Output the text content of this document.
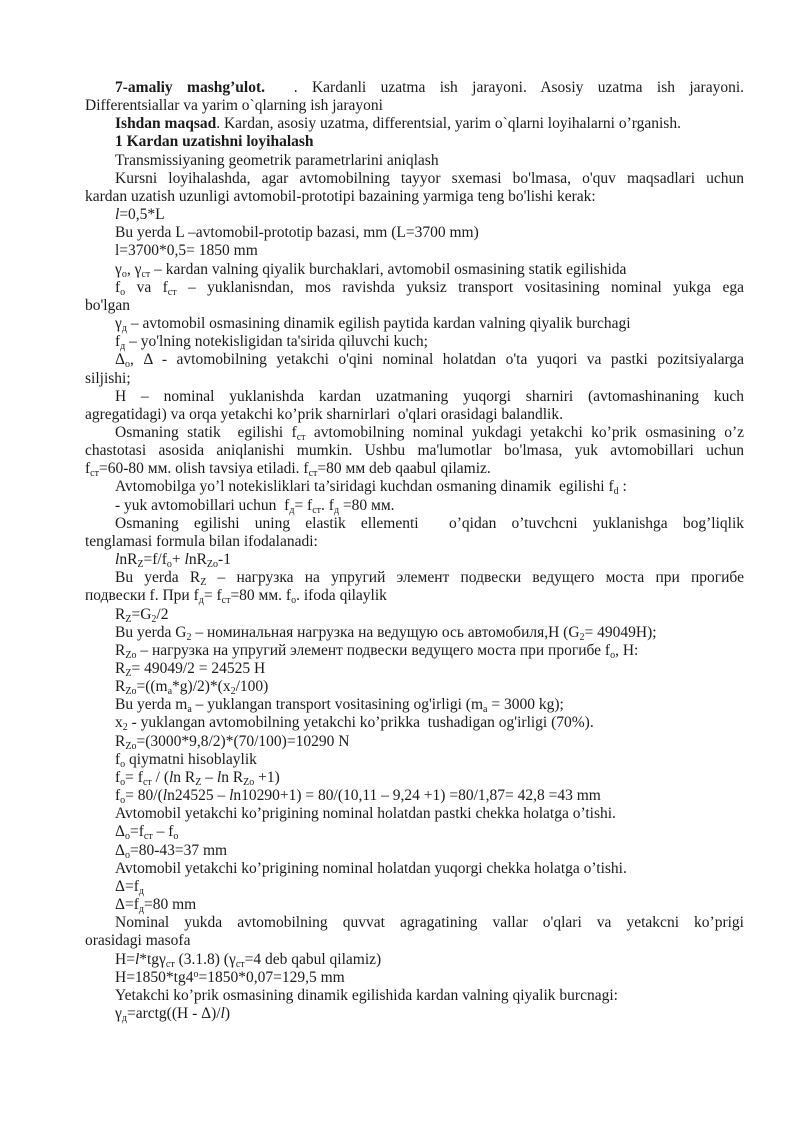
7-amaliy mashg’ulot.  . Kardanli uzatma ish jarayoni. Asosiy uzatma ish jarayoni.
Differentsiallar va yarim o`qlarning ish jarayoni
Ishdan maqsad. Kardan, asosiy uzatma, differentsial, yarim o`qlarni loyihalarni o’rganish.
1 Kardan uzatishni loyihalash
Transmissiyaning geometrik parametrlarini aniqlash
Kursni loyihalashda, agar avtomobilning tayyor sxemasi bo'lmasa, o'quv maqsadlari uchun
kardan uzatish uzunligi avtomobil-prototipi bazaining yarmiga teng bo'lishi kerak:
l=0,5*L
Bu yerda L –avtomobil-prototip bazasi, mm (L=3700 mm)
l=3700*0,5= 1850 mm
$\gamma_о$, $\gamma_{ст}$ – kardan valning qiyalik burchaklari, avtomobil osmasining statik egilishida
$f_о$ va $f_{ст}$ – yuklanisndan, mos ravishda yuksiz transport vositasining nominal yukga ega
bo'lgan
$\gamma_д$ – avtomobil osmasining dinamik egilish paytida kardan valning qiyalik burchagi
$f_д$ – yo'lning notekisligidan ta'sirida qiluvchi kuch;
$\Delta_о$, Δ - avtomobilning yetakchi o'qini nominal holatdan o'ta yuqori va pastki pozitsiyalarga
siljishi;
H – nominal yuklanishda kardan uzatmaning yuqorgi sharniri (avtomashinaning kuch
agregatidagi) va orqa yetakchi ko’prik sharnirlari  o'qlari orasidagi balandlik.
Osmaning statik  egilishi $f_{ст}$ avtomobilning nominal yukdagi yetakchi ko’prik osmasining o’z
chastotasi asosida aniqlanishi mumkin. Ushbu ma'lumotlar bo'lmasa, yuk avtomobillari uchun
$f_{ст}=60-80$ мм. olish tavsiya etiladi. $f_{ст}=80$ мм deb qaabul qilamiz.
Avtomobilga yo’l notekisliklari ta’siridagi kuchdan osmaning dinamik  egilishi $f_d$ :
- yuk avtomobillari uchun  $f_д= f_{ст}$. $f_д =80$ мм.
Osmaning egilishi uning elastik ellementi  o’qidan o’tuvchcni yuklanishga bog’liqlik
tenglamasi formula bilan ifodalanadi:
$\ln R_Z=f/f_о+ \ln R_{Zо}-1$
Bu yerda $R_Z$ – нагрузка на упругий элемент подвески ведущего моста при прогибе
подвески f. При $f_д= f_{ст}=80$ мм. $f_о$. ifoda qilaylik
$R_Z=G_2/2$
Bu yerda $G_2$ – номинальная нагрузка на ведущую ось автомобиля,Н $(G_2= 49049Н)$;
$R_{Zо}$ – нагрузка на упругий элемент подвески ведущего моста при прогибе $f_о$, Н:
$R_Z= 49049/2 = 24525$ H
$R_{Zо}=((m_а*g)/2)*(x_2/100)$
Bu yerda $m_а$ – yuklangan transport vositasining og'irligi ($m_а = 3000$ kg);
$x_2$ - yuklangan avtomobilning yetakchi ko’prikka  tushadigan og'irligi (70%).
$R_{Zо}=(3000*9,8/2)*(70/100)=10290$ N
$f_о$ qiymatni hisoblaylik
$f_о= f_{ст} / (\ln$ $R_Z - \ln R_{Zо} +1$)
$f_о= 80/(\ln 24525 - \ln 10290+1) = 80/(10,11 - 9,24 +1) =80/1,87= 42,8 =43$ mm
Avtomobil yetakchi ko’prigining nominal holatdan pastki chekka holatga o’tishi.
$\Delta_о=f_{ст} - f_о$
$\Delta_о=80-43=37$ mm
Avtomobil yetakchi ko’prigining nominal holatdan yuqorgi chekka holatga o’tishi.
$\Delta=f_д$
$\Delta=f_д=80$ mm
Nominal yukda avtomobilning quvvat agragatining vallar o'qlari va yetakcni ko’prigi
orasidagi masofa
H=l*tgγ$_{ст}$ (3.1.8) ($\gamma_{ст}=4$ deb qabul qilamiz)
$H=1850*tg4^о=1850*0,07=129,5$ mm
Yetakchi ko’prik osmasining dinamik egilishida kardan valning qiyalik burcnagi:
$\gamma_д=arctg((H - \Delta)/l)$
